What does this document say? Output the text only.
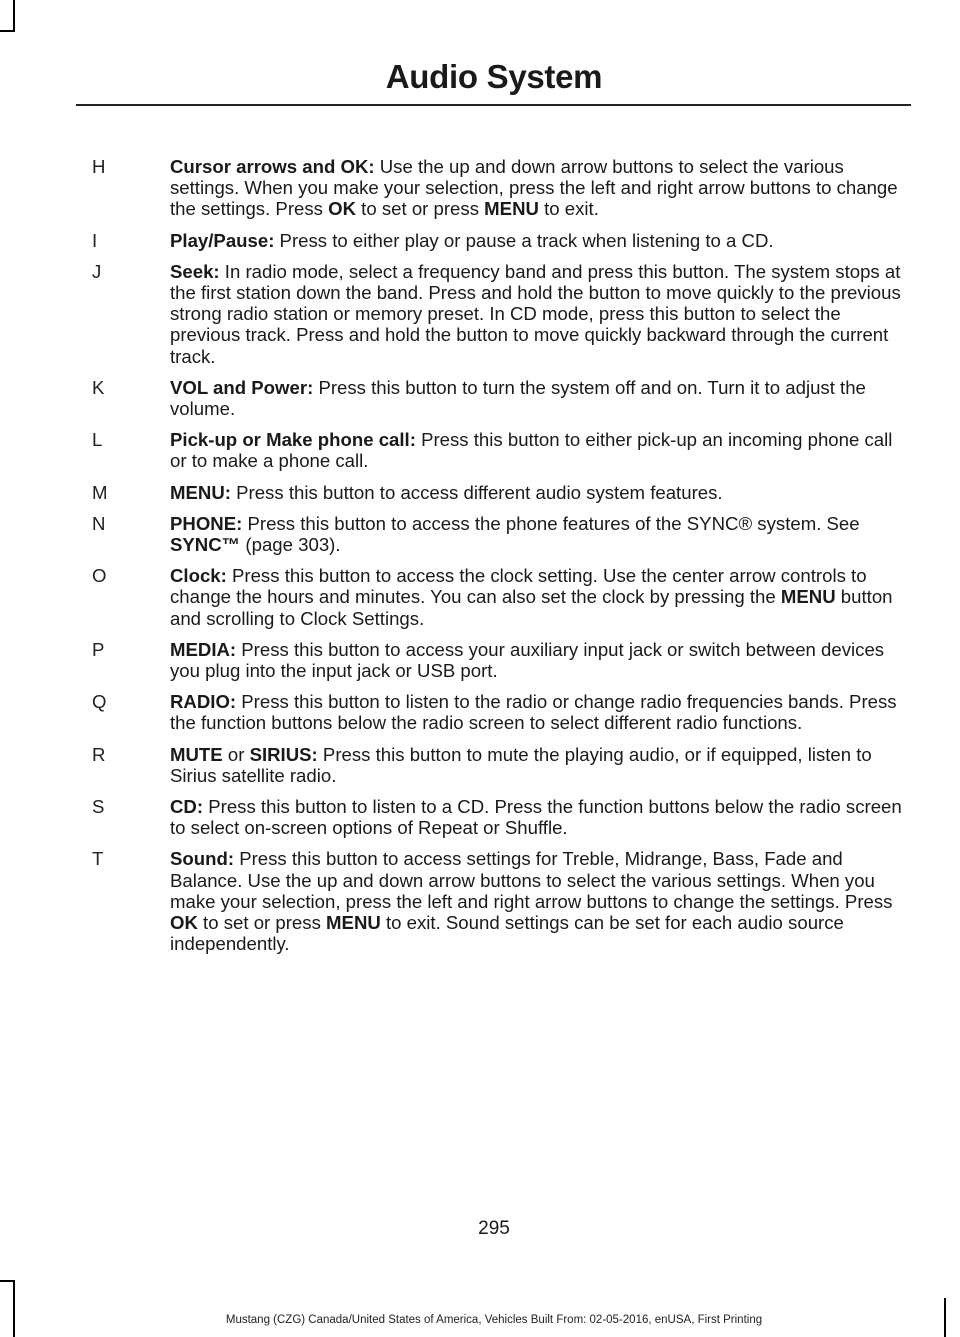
Audio System
H	Cursor arrows and OK: Use the up and down arrow buttons to select the various settings. When you make your selection, press the left and right arrow buttons to change the settings. Press OK to set or press MENU to exit.
I	Play/Pause: Press to either play or pause a track when listening to a CD.
J	Seek: In radio mode, select a frequency band and press this button. The system stops at the first station down the band. Press and hold the button to move quickly to the previous strong radio station or memory preset. In CD mode, press this button to select the previous track. Press and hold the button to move quickly backward through the current track.
K	VOL and Power: Press this button to turn the system off and on. Turn it to adjust the volume.
L	Pick-up or Make phone call: Press this button to either pick-up an incoming phone call or to make a phone call.
M	MENU: Press this button to access different audio system features.
N	PHONE: Press this button to access the phone features of the SYNC® system. See SYNC™ (page 303).
O	Clock: Press this button to access the clock setting. Use the center arrow controls to change the hours and minutes. You can also set the clock by pressing the MENU button and scrolling to Clock Settings.
P	MEDIA: Press this button to access your auxiliary input jack or switch between devices you plug into the input jack or USB port.
Q	RADIO: Press this button to listen to the radio or change radio frequencies bands. Press the function buttons below the radio screen to select different radio functions.
R	MUTE or SIRIUS: Press this button to mute the playing audio, or if equipped, listen to Sirius satellite radio.
S	CD: Press this button to listen to a CD. Press the function buttons below the radio screen to select on-screen options of Repeat or Shuffle.
T	Sound: Press this button to access settings for Treble, Midrange, Bass, Fade and Balance. Use the up and down arrow buttons to select the various settings. When you make your selection, press the left and right arrow buttons to change the settings. Press OK to set or press MENU to exit. Sound settings can be set for each audio source independently.
295
Mustang (CZG) Canada/United States of America, Vehicles Built From: 02-05-2016, enUSA, First Printing
